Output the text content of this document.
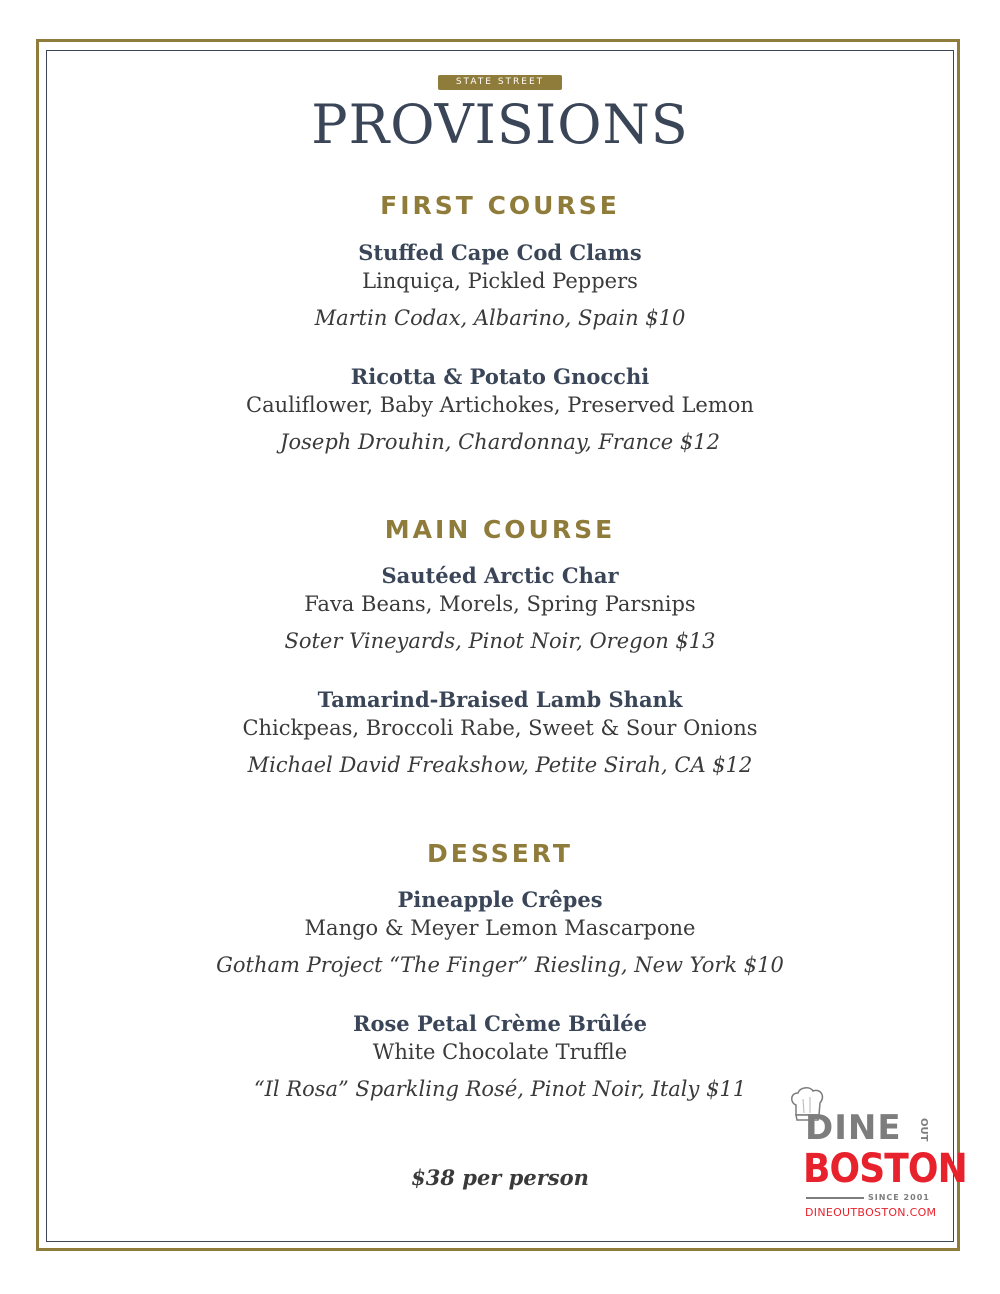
STATE STREET
PROVISIONS
FIRST COURSE
Stuffed Cape Cod Clams
Linquiça, Pickled Peppers
Martin Codax, Albarino, Spain $10
Ricotta & Potato Gnocchi
Cauliflower, Baby Artichokes, Preserved Lemon
Joseph Drouhin, Chardonnay, France $12
MAIN COURSE
Sautéed Arctic Char
Fava Beans, Morels, Spring Parsnips
Soter Vineyards, Pinot Noir, Oregon $13
Tamarind-Braised Lamb Shank
Chickpeas, Broccoli Rabe, Sweet & Sour Onions
Michael David Freakshow, Petite Sirah, CA $12
DESSERT
Pineapple Crêpes
Mango & Meyer Lemon Mascarpone
Gotham Project “The Finger” Riesling, New York $10
Rose Petal Crème Brûlée
White Chocolate Truffle
“Il Rosa” Sparkling Rosé, Pinot Noir, Italy $11
$38 per person
DINE OUT
BOSTON
SINCE 2001
DINEOUTBOSTON.COM
